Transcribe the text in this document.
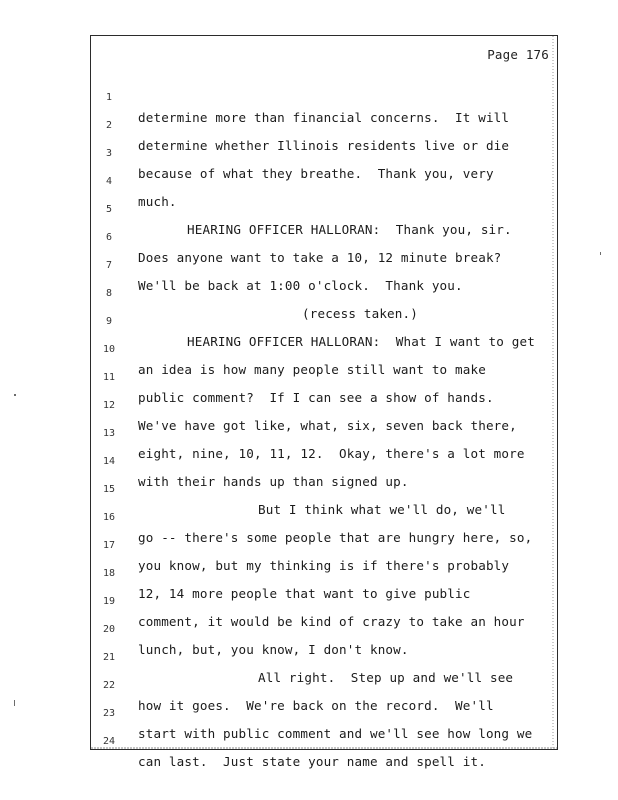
Page 176

1

determine more than financial concerns.  It will

2

determine whether Illinois residents live or die

3

because of what they breathe.  Thank you, very

4

much.

5

HEARING OFFICER HALLORAN:  Thank you, sir.

6

Does anyone want to take a 10, 12 minute break?

7

We'll be back at 1:00 o'clock.  Thank you.

8

(recess taken.)

9

HEARING OFFICER HALLORAN:  What I want to get

10

an idea is how many people still want to make

11

public comment?  If I can see a show of hands.

12

We've have got like, what, six, seven back there,

13

eight, nine, 10, 11, 12.  Okay, there's a lot more

14

with their hands up than signed up.

15

But I think what we'll do, we'll

16

go -- there's some people that are hungry here, so,

17

you know, but my thinking is if there's probably

18

12, 14 more people that want to give public

19

comment, it would be kind of crazy to take an hour

20

lunch, but, you know, I don't know.

21

All right.  Step up and we'll see

22

how it goes.  We're back on the record.  We'll

23

start with public comment and we'll see how long we

24

can last.  Just state your name and spell it.
